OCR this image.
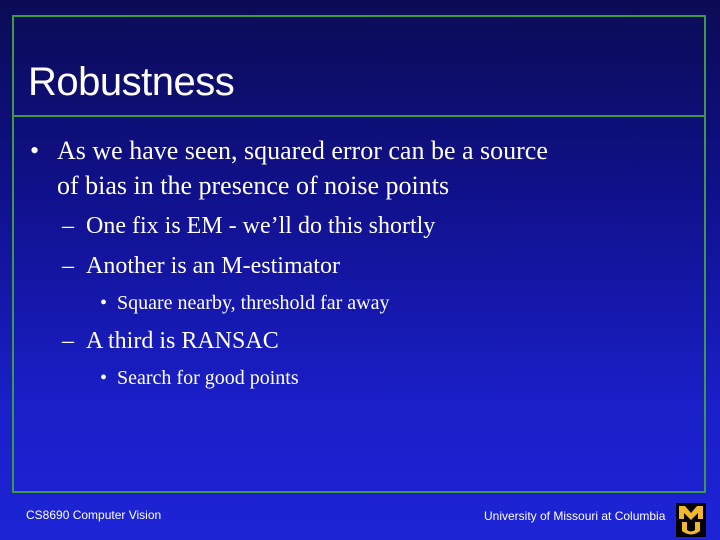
Robustness
• As we have seen, squared error can be a source
of bias in the presence of noise points
– One fix is EM - we’ll do this shortly
– Another is an M-estimator
• Square nearby, threshold far away
– A third is RANSAC
• Search for good points
CS8690 Computer Vision	University of Missouri at Columbia
